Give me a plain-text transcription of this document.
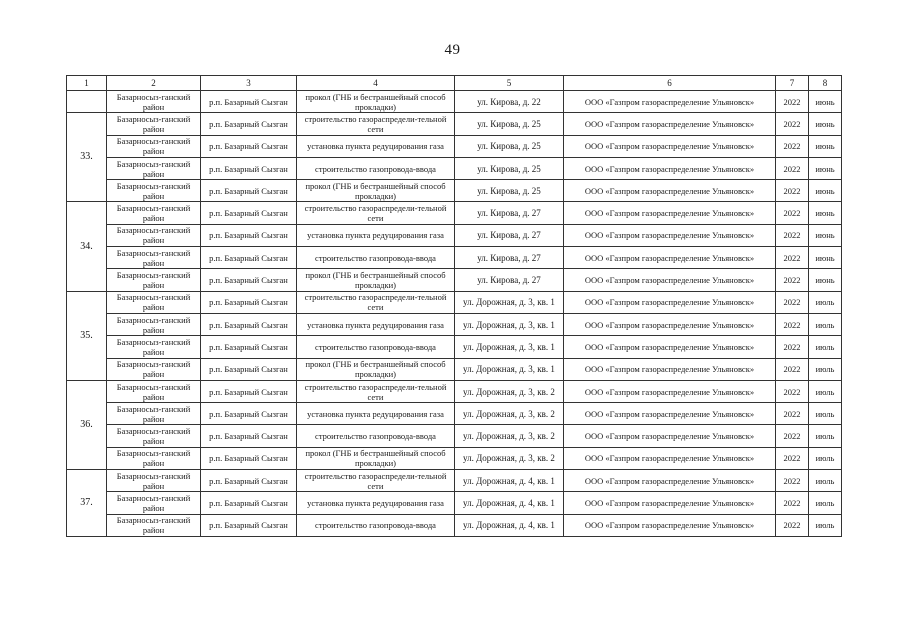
49
1	2	3	4	5	6	7	8
	Базарносыз-ганский район	р.п. Базарный Сызган	прокол (ГНБ и бестраншейный способ прокладки)	ул. Кирова, д. 22	ООО «Газпром газораспределение Ульяновск»	2022	июнь
33.	Базарносыз-ганский район	р.п. Базарный Сызган	строительство газораспредели-тельной сети	ул. Кирова, д. 25	ООО «Газпром газораспределение Ульяновск»	2022	июнь
	Базарносыз-ганский район	р.п. Базарный Сызган	установка пункта редуцирования газа	ул. Кирова, д. 25	ООО «Газпром газораспределение Ульяновск»	2022	июнь
	Базарносыз-ганский район	р.п. Базарный Сызган	строительство газопровода-ввода	ул. Кирова, д. 25	ООО «Газпром газораспределение Ульяновск»	2022	июнь
	Базарносыз-ганский район	р.п. Базарный Сызган	прокол (ГНБ и бестраншейный способ прокладки)	ул. Кирова, д. 25	ООО «Газпром газораспределение Ульяновск»	2022	июнь
34.	Базарносыз-ганский район	р.п. Базарный Сызган	строительство газораспредели-тельной сети	ул. Кирова, д. 27	ООО «Газпром газораспределение Ульяновск»	2022	июнь
	Базарносыз-ганский район	р.п. Базарный Сызган	установка пункта редуцирования газа	ул. Кирова, д. 27	ООО «Газпром газораспределение Ульяновск»	2022	июнь
	Базарносыз-ганский район	р.п. Базарный Сызган	строительство газопровода-ввода	ул. Кирова, д. 27	ООО «Газпром газораспределение Ульяновск»	2022	июнь
	Базарносыз-ганский район	р.п. Базарный Сызган	прокол (ГНБ и бестраншейный способ прокладки)	ул. Кирова, д. 27	ООО «Газпром газораспределение Ульяновск»	2022	июнь
35.	Базарносыз-ганский район	р.п. Базарный Сызган	строительство газораспредели-тельной сети	ул. Дорожная, д. 3, кв. 1	ООО «Газпром газораспределение Ульяновск»	2022	июль
	Базарносыз-ганский район	р.п. Базарный Сызган	установка пункта редуцирования газа	ул. Дорожная, д. 3, кв. 1	ООО «Газпром газораспределение Ульяновск»	2022	июль
	Базарносыз-ганский район	р.п. Базарный Сызган	строительство газопровода-ввода	ул. Дорожная, д. 3, кв. 1	ООО «Газпром газораспределение Ульяновск»	2022	июль
	Базарносыз-ганский район	р.п. Базарный Сызган	прокол (ГНБ и бестраншейный способ прокладки)	ул. Дорожная, д. 3, кв. 1	ООО «Газпром газораспределение Ульяновск»	2022	июль
36.	Базарносыз-ганский район	р.п. Базарный Сызган	строительство газораспредели-тельной сети	ул. Дорожная, д. 3, кв. 2	ООО «Газпром газораспределение Ульяновск»	2022	июль
	Базарносыз-ганский район	р.п. Базарный Сызган	установка пункта редуцирования газа	ул. Дорожная, д. 3, кв. 2	ООО «Газпром газораспределение Ульяновск»	2022	июль
	Базарносыз-ганский район	р.п. Базарный Сызган	строительство газопровода-ввода	ул. Дорожная, д. 3, кв. 2	ООО «Газпром газораспределение Ульяновск»	2022	июль
	Базарносыз-ганский район	р.п. Базарный Сызган	прокол (ГНБ и бестраншейный способ прокладки)	ул. Дорожная, д. 3, кв. 2	ООО «Газпром газораспределение Ульяновск»	2022	июль
37.	Базарносыз-ганский район	р.п. Базарный Сызган	строительство газораспредели-тельной сети	ул. Дорожная, д. 4, кв. 1	ООО «Газпром газораспределение Ульяновск»	2022	июль
	Базарносыз-ганский район	р.п. Базарный Сызган	установка пункта редуцирования газа	ул. Дорожная, д. 4, кв. 1	ООО «Газпром газораспределение Ульяновск»	2022	июль
	Базарносыз-ганский район	р.п. Базарный Сызган	строительство газопровода-ввода	ул. Дорожная, д. 4, кв. 1	ООО «Газпром газораспределение Ульяновск»	2022	июль
